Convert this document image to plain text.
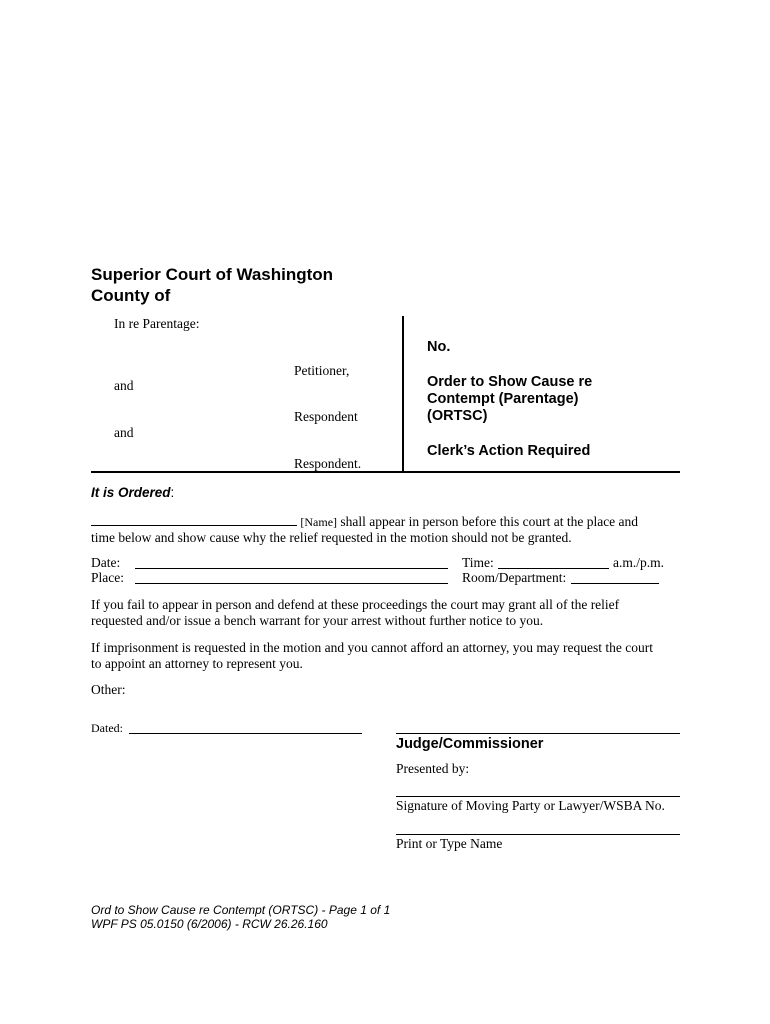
Superior Court of Washington
County of
In re Parentage:
Petitioner,
and
Respondent
and
Respondent.
No.
Order to Show Cause re
Contempt (Parentage)
(ORTSC)
Clerk’s Action Required
It is Ordered:
[Name] shall appear in person before this court at the place and
time below and show cause why the relief requested in the motion should not be granted.
Date:
Place:
Time:	a.m./p.m.
Room/Department:
If you fail to appear in person and defend at these proceedings the court may grant all of the relief
requested and/or issue a bench warrant for your arrest without further notice to you.
If imprisonment is requested in the motion and you cannot afford an attorney, you may request the court
to appoint an attorney to represent you.
Other:
Dated:
Judge/Commissioner
Presented by:
Signature of Moving Party or Lawyer/WSBA No.
Print or Type Name
Ord to Show Cause re Contempt (ORTSC) - Page 1 of 1
WPF PS 05.0150 (6/2006) - RCW 26.26.160
